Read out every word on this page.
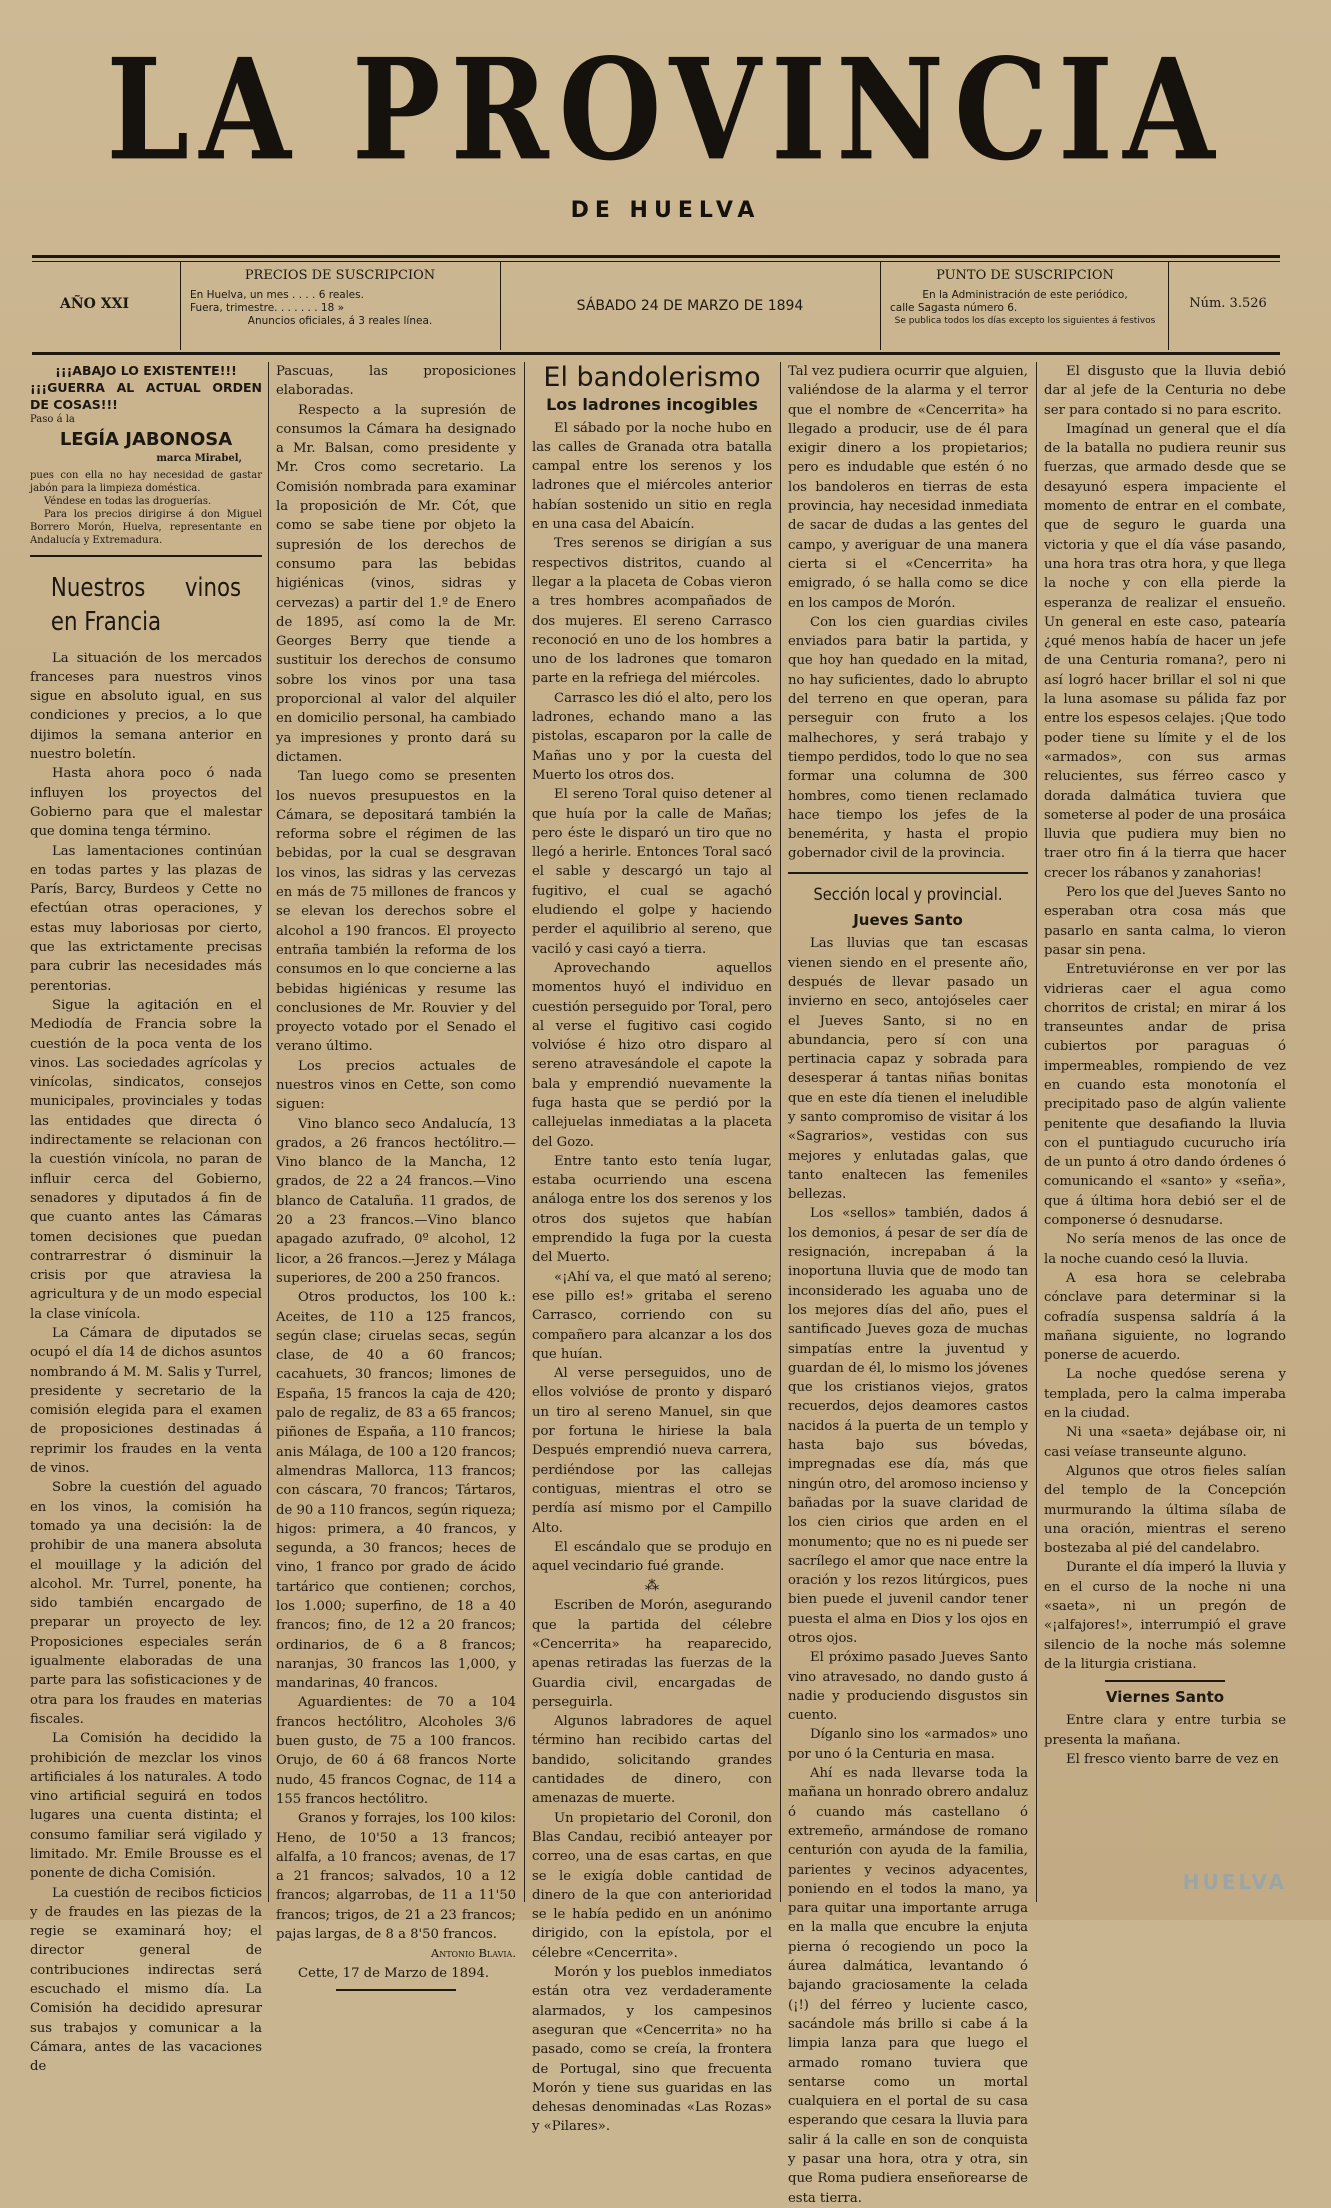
LA PROVINCIA
DE HUELVA
AÑO XXI
PRECIOS DE SUSCRIPCION
En Huelva, un mes . . . . 6 reales.
Fuera, trimestre. . . . . . . 18 »
Anuncios oficiales, á 3 reales línea.
SÁBADO 24 DE MARZO DE 1894
PUNTO DE SUSCRIPCION
En la Administración de este periódico,
calle Sagasta número 6.
Se publica todos los días excepto los siguientes á festivos
Núm. 3.526
¡¡¡ABAJO LO EXISTENTE!!!
¡¡¡GUERRA AL ACTUAL ORDEN DE COSAS!!!
Paso á la
LEGÍA JABONOSA
marca Mirabel,
pues con ella no hay necesidad de gastar jabón para la limpieza doméstica.
Véndese en todas las droguerías.
Para los precios dirigirse á don Miguel Borrero Morón, Huelva, representante en Andalucía y Extremadura.
Nuestros vinos en Francia

La situación de los mercados franceses para nuestros vinos sigue en absoluto igual, en sus condiciones y precios, a lo que dijimos la semana anterior en nuestro boletín.

Hasta ahora poco ó nada influyen los proyectos del Gobierno para que el malestar que domina tenga término.

Las lamentaciones continúan en todas partes y las plazas de París, Barcy, Burdeos y Cette no efectúan otras operaciones, y estas muy laboriosas por cierto, que las extrictamente precisas para cubrir las necesidades más perentorias.

Sigue la agitación en el Mediodía de Francia sobre la cuestión de la poca venta de los vinos. Las sociedades agrícolas y vinícolas, sindicatos, consejos municipales, provinciales y todas las entidades que directa ó indirectamente se relacionan con la cuestión vinícola, no paran de influir cerca del Gobierno, senadores y diputados á fin de que cuanto antes las Cámaras tomen decisiones que puedan contrarrestrar ó disminuir la crisis por que atraviesa la agricultura y de un modo especial la clase vinícola.

La Cámara de diputados se ocupó el día 14 de dichos asuntos nombrando á M. M. Salis y Turrel, presidente y secretario de la comisión elegida para el examen de proposiciones destinadas á reprimir los fraudes en la venta de vinos.

Sobre la cuestión del aguado en los vinos, la comisión ha tomado ya una decisión: la de prohibir de una manera absoluta el mouillage y la adición del alcohol. Mr. Turrel, ponente, ha sido también encargado de preparar un proyecto de ley. Proposiciones especiales serán igualmente elaboradas de una parte para las sofisticaciones y de otra para los fraudes en materias fiscales.

La Comisión ha decidido la prohibición de mezclar los vinos artificiales á los naturales. A todo vino artificial seguirá en todos lugares una cuenta distinta; el consumo familiar será vigilado y limitado. Mr. Emile Brousse es el ponente de dicha Comisión.

La cuestión de recibos ficticios y de fraudes en las piezas de la regie se examinará hoy; el director general de contribuciones indirectas será escuchado el mismo día. La Comisión ha decidido apresurar sus trabajos y comunicar a la Cámara, antes de las vacaciones de

Pascuas, las proposiciones elaboradas.

Respecto a la supresión de consumos la Cámara ha designado a Mr. Balsan, como presidente y Mr. Cros como secretario. La Comisión nombrada para examinar la proposición de Mr. Cót, que como se sabe tiene por objeto la supresión de los derechos de consumo para las bebidas higiénicas (vinos, sidras y cervezas) a partir del 1.º de Enero de 1895, así como la de Mr. Georges Berry que tiende a sustituir los derechos de consumo sobre los vinos por una tasa proporcional al valor del alquiler en domicilio personal, ha cambiado ya impresiones y pronto dará su dictamen.

Tan luego como se presenten los nuevos presupuestos en la Cámara, se depositará también la reforma sobre el régimen de las bebidas, por la cual se desgravan los vinos, las sidras y las cervezas en más de 75 millones de francos y se elevan los derechos sobre el alcohol a 190 francos. El proyecto entraña también la reforma de los consumos en lo que concierne a las bebidas higiénicas y resume las conclusiones de Mr. Rouvier y del proyecto votado por el Senado el verano último.

Los precios actuales de nuestros vinos en Cette, son como siguen:

Vino blanco seco Andalucía, 13 grados, a 26 francos hectólitro.—Vino blanco de la Mancha, 12 grados, de 22 a 24 francos.—Vino blanco de Cataluña. 11 grados, de 20 a 23 francos.—Vino blanco apagado azufrado, 0º alcohol, 12 licor, a 26 francos.—Jerez y Málaga superiores, de 200 a 250 francos.

Otros productos, los 100 k.: Aceites, de 110 a 125 francos, según clase; ciruelas secas, según clase, de 40 a 60 francos; cacahuets, 30 francos; limones de España, 15 francos la caja de 420; palo de regaliz, de 83 a 65 francos; piñones de España, a 110 francos; anis Málaga, de 100 a 120 francos; almendras Mallorca, 113 francos; con cáscara, 70 francos; Tártaros, de 90 a 110 francos, según riqueza; higos: primera, a 40 francos, y segunda, a 30 francos; heces de vino, 1 franco por grado de ácido tartárico que contienen; corchos, los 1.000; superfino, de 18 a 40 francos; fino, de 12 a 20 francos; ordinarios, de 6 a 8 francos; naranjas, 30 francos las 1,000, y mandarinas, 40 francos.

Aguardientes: de 70 a 104 francos hectólitro, Alcoholes 3/6 buen gusto, de 75 a 100 francos. Orujo, de 60 á 68 francos Norte nudo, 45 francos Cognac, de 114 a 155 francos hectólitro.

Granos y forrajes, los 100 kilos: Heno, de 10'50 a 13 francos; alfalfa, a 10 francos; avenas, de 17 a 21 francos; salvados, 10 a 12 francos; algarrobas, de 11 a 11'50 francos; trigos, de 21 a 23 francos; pajas largas, de 8 a 8'50 francos.

Antonio Blavia.

Cette, 17 de Marzo de 1894.

El bandolerismo
Los ladrones incogibles

El sábado por la noche hubo en las calles de Granada otra batalla campal entre los serenos y los ladrones que el miércoles anterior habían sostenido un sitio en regla en una casa del Abaicín.

Tres serenos se dirigían a sus respectivos distritos, cuando al llegar a la placeta de Cobas vieron a tres hombres acompañados de dos mujeres. El sereno Carrasco reconoció en uno de los hombres a uno de los ladrones que tomaron parte en la refriega del miércoles.

Carrasco les dió el alto, pero los ladrones, echando mano a las pistolas, escaparon por la calle de Mañas uno y por la cuesta del Muerto los otros dos.

El sereno Toral quiso detener al que huía por la calle de Mañas; pero éste le disparó un tiro que no llegó a herirle. Entonces Toral sacó el sable y descargó un tajo al fugitivo, el cual se agachó eludiendo el golpe y haciendo perder el aquilibrio al sereno, que vaciló y casi cayó a tierra.

Aprovechando aquellos momentos huyó el individuo en cuestión perseguido por Toral, pero al verse el fugitivo casi cogido volvióse é hizo otro disparo al sereno atravesándole el capote la bala y emprendió nuevamente la fuga hasta que se perdió por la callejuelas inmediatas a la placeta del Gozo.

Entre tanto esto tenía lugar, estaba ocurriendo una escena análoga entre los dos serenos y los otros dos sujetos que habían emprendido la fuga por la cuesta del Muerto.

«¡Ahí va, el que mató al sereno; ese pillo es!» gritaba el sereno Carrasco, corriendo con su compañero para alcanzar a los dos que huían.

Al verse perseguidos, uno de ellos volvióse de pronto y disparó un tiro al sereno Manuel, sin que por fortuna le hiriese la bala Después emprendió nueva carrera, perdiéndose por las callejas contiguas, mientras el otro se perdía así mismo por el Campillo Alto.

El escándalo que se produjo en aquel vecindario fué grande.

⁂

Escriben de Morón, asegurando que la partida del célebre «Cencerrita» ha reaparecido, apenas retiradas las fuerzas de la Guardia civil, encargadas de perseguirla.

Algunos labradores de aquel término han recibido cartas del bandido, solicitando grandes cantidades de dinero, con amenazas de muerte.

Un propietario del Coronil, don Blas Candau, recibió anteayer por correo, una de esas cartas, en que se le exigía doble cantidad de dinero de la que con anterioridad se le había pedido en un anónimo dirigido, con la epístola, por el célebre «Cencerrita».

Morón y los pueblos inmediatos están otra vez verdaderamente alarmados, y los campesinos aseguran que «Cencerrita» no ha pasado, como se creía, la frontera de Portugal, sino que frecuenta Morón y tiene sus guaridas en las dehesas denominadas «Las Rozas» y «Pilares».

Tal vez pudiera ocurrir que alguien, valiéndose de la alarma y el terror que el nombre de «Cencerrita» ha llegado a producir, use de él para exigir dinero a los propietarios; pero es indudable que estén ó no los bandoleros en tierras de esta provincia, hay necesidad inmediata de sacar de dudas a las gentes del campo, y averiguar de una manera cierta si el «Cencerrita» ha emigrado, ó se halla como se dice en los campos de Morón.

Con los cien guardias civiles enviados para batir la partida, y que hoy han quedado en la mitad, no hay suficientes, dado lo abrupto del terreno en que operan, para perseguir con fruto a los malhechores, y será trabajo y tiempo perdidos, todo lo que no sea formar una columna de 300 hombres, como tienen reclamado hace tiempo los jefes de la benemérita, y hasta el propio gobernador civil de la provincia.

Sección local y provincial.
Jueves Santo

Las lluvias que tan escasas vienen siendo en el presente año, después de llevar pasado un invierno en seco, antojóseles caer el Jueves Santo, si no en abundancia, pero sí con una pertinacia capaz y sobrada para desesperar á tantas niñas bonitas que en este día tienen el ineludible y santo compromiso de visitar á los «Sagrarios», vestidas con sus mejores y enlutadas galas, que tanto enaltecen las femeniles bellezas.

Los «sellos» también, dados á los demonios, á pesar de ser día de resignación, increpaban á la inoportuna lluvia que de modo tan inconsiderado les aguaba uno de los mejores días del año, pues el santificado Jueves goza de muchas simpatías entre la juventud y guardan de él, lo mismo los jóvenes que los cristianos viejos, gratos recuerdos, dejos deamores castos nacidos á la puerta de un templo y hasta bajo sus bóvedas, impregnadas ese día, más que ningún otro, del aromoso incienso y bañadas por la suave claridad de los cien cirios que arden en el monumento; que no es ni puede ser sacrílego el amor que nace entre la oración y los rezos litúrgicos, pues bien puede el juvenil candor tener puesta el alma en Dios y los ojos en otros ojos.

El próximo pasado Jueves Santo vino atravesado, no dando gusto á nadie y produciendo disgustos sin cuento.

Díganlo sino los «armados» uno por uno ó la Centuria en masa.

Ahí es nada llevarse toda la mañana un honrado obrero andaluz ó cuando más castellano ó extremeño, armándose de romano centurión con ayuda de la familia, parientes y vecinos adyacentes, poniendo en el todos la mano, ya para quitar una importante arruga en la malla que encubre la enjuta pierna ó recogiendo un poco la áurea dalmática, levantando ó bajando graciosamente la celada (¡!) del férreo y luciente casco, sacándole más brillo si cabe á la limpia lanza para que luego el armado romano tuviera que sentarse como un mortal cualquiera en el portal de su casa esperando que cesara la lluvia para salir á la calle en son de conquista y pasar una hora, otra y otra, sin que Roma pudiera enseñorearse de esta tierra.

El disgusto que la lluvia debió dar al jefe de la Centuria no debe ser para contado si no para escrito.

Imagínad un general que el día de la batalla no pudiera reunir sus fuerzas, que armado desde que se desayunó espera impaciente el momento de entrar en el combate, que de seguro le guarda una victoria y que el día váse pasando, una hora tras otra hora, y que llega la noche y con ella pierde la esperanza de realizar el ensueño. Un general en este caso, patearía ¿qué menos había de hacer un jefe de una Centuria romana?, pero ni así logró hacer brillar el sol ni que la luna asomase su pálida faz por entre los espesos celajes. ¡Que todo poder tiene su límite y el de los «armados», con sus armas relucientes, sus férreo casco y dorada dalmática tuviera que someterse al poder de una prosáica lluvia que pudiera muy bien no traer otro fin á la tierra que hacer crecer los rábanos y zanahorias!

Pero los que del Jueves Santo no esperaban otra cosa más que pasarlo en santa calma, lo vieron pasar sin pena.

Entretuviéronse en ver por las vidrieras caer el agua como chorritos de cristal; en mirar á los transeuntes andar de prisa cubiertos por paraguas ó impermeables, rompiendo de vez en cuando esta monotonía el precipitado paso de algún valiente penitente que desafiando la lluvia con el puntiagudo cucurucho iría de un punto á otro dando órdenes ó comunicando el «santo» y «seña», que á última hora debió ser el de componerse ó desnudarse.

No sería menos de las once de la noche cuando cesó la lluvia.

A esa hora se celebraba cónclave para determinar si la cofradía suspensa saldría á la mañana siguiente, no logrando ponerse de acuerdo.

La noche quedóse serena y templada, pero la calma imperaba en la ciudad.

Ni una «saeta» dejábase oir, ni casi veíase transeunte alguno.

Algunos que otros fieles salían del templo de la Concepción murmurando la última sílaba de una oración, mientras el sereno bostezaba al pié del candelabro.

Durante el día imperó la lluvia y en el curso de la noche ni una «saeta», ni un pregón de «¡alfajores!», interrumpió el grave silencio de la noche más solemne de la liturgia cristiana.

Viernes Santo

Entre clara y entre turbia se presenta la mañana.

El fresco viento barre de vez en

HUELVA
